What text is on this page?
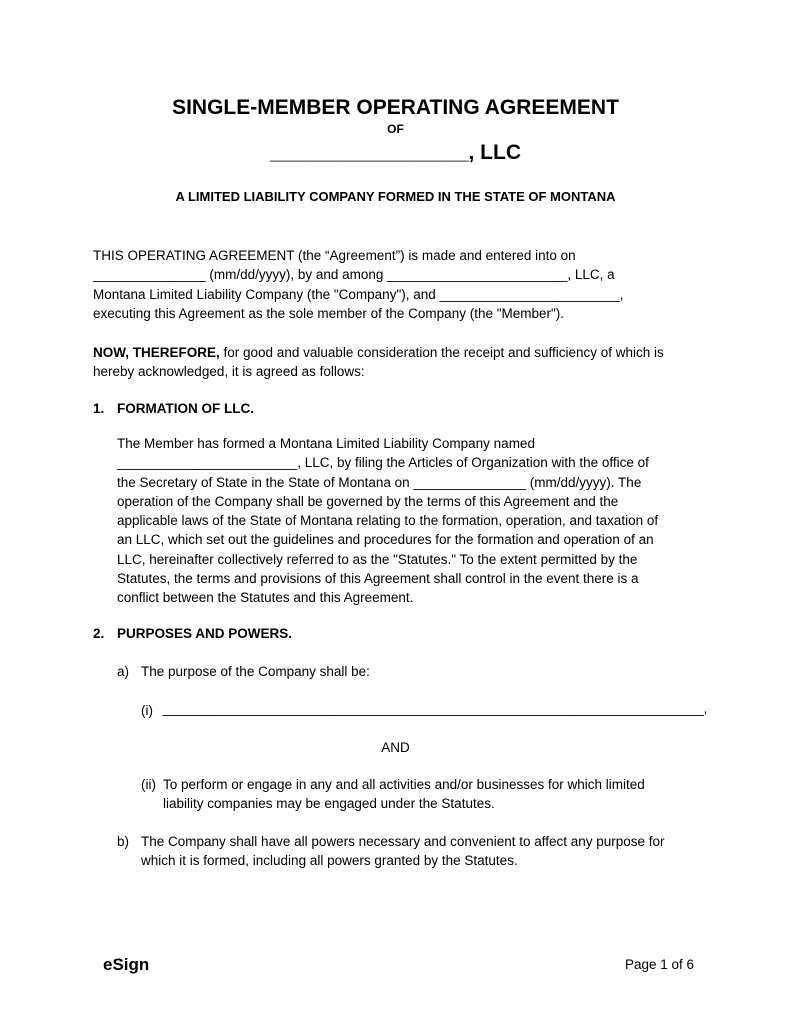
SINGLE-MEMBER OPERATING AGREEMENT
OF
_________________, LLC
A LIMITED LIABILITY COMPANY FORMED IN THE STATE OF MONTANA
THIS OPERATING AGREEMENT (the “Agreement”) is made and entered into on
_______________ (mm/dd/yyyy), by and among ________________________, LLC, a
Montana Limited Liability Company (the "Company"), and ________________________,
executing this Agreement as the sole member of the Company (the "Member").
NOW, THEREFORE, for good and valuable consideration the receipt and sufficiency of which is
hereby acknowledged, it is agreed as follows:
1. FORMATION OF LLC.
The Member has formed a Montana Limited Liability Company named
________________________, LLC, by filing the Articles of Organization with the office of
the Secretary of State in the State of Montana on _______________ (mm/dd/yyyy). The
operation of the Company shall be governed by the terms of this Agreement and the
applicable laws of the State of Montana relating to the formation, operation, and taxation of
an LLC, which set out the guidelines and procedures for the formation and operation of an
LLC, hereinafter collectively referred to as the "Statutes." To the extent permitted by the
Statutes, the terms and provisions of this Agreement shall control in the event there is a
conflict between the Statutes and this Agreement.
2. PURPOSES AND POWERS.
a) The purpose of the Company shall be:
(i) ________________________________________________________________________,
AND
(ii) To perform or engage in any and all activities and/or businesses for which limited
liability companies may be engaged under the Statutes.
b) The Company shall have all powers necessary and convenient to affect any purpose for
which it is formed, including all powers granted by the Statutes.
eSign	Page 1 of 6
